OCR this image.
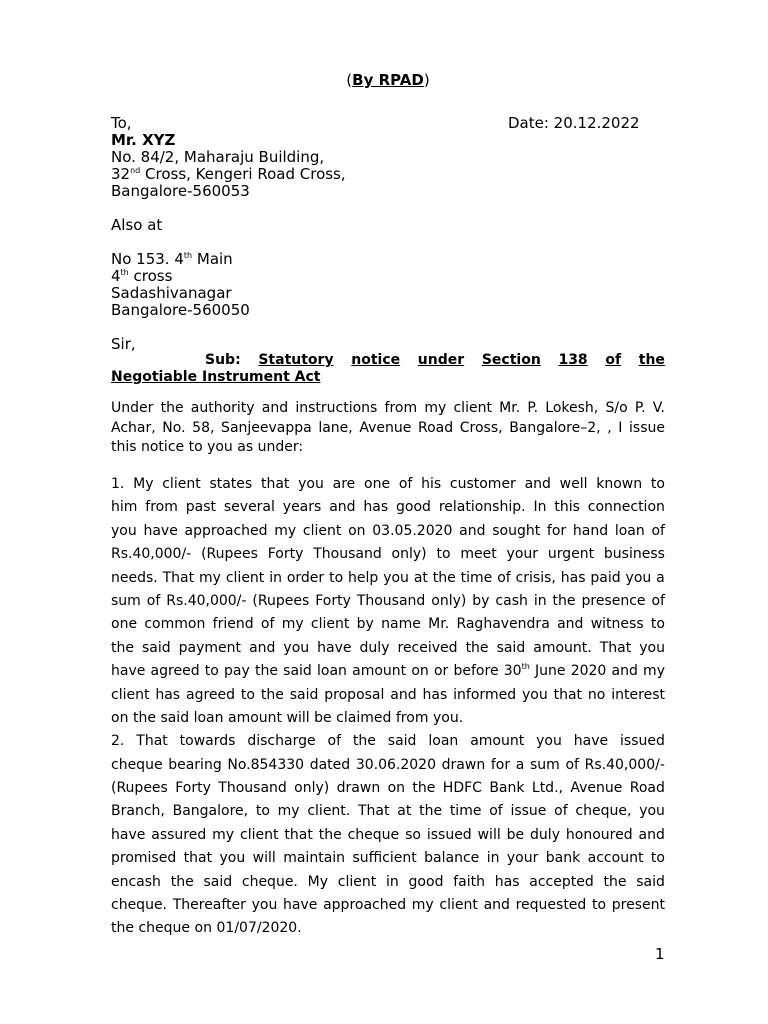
(By RPAD)
To,	Date: 20.12.2022
Mr. XYZ
No. 84/2, Maharaju Building,
32nd Cross, Kengeri Road Cross,
Bangalore-560053
Also at
No 153. 4th Main
4th cross
Sadashivanagar
Bangalore-560050
Sir,
Sub: Statutory notice under Section 138 of the
Negotiable Instrument Act
Under the authority and instructions from my client Mr. P. Lokesh, S/o P. V. Achar, No. 58, Sanjeevappa lane, Avenue Road Cross, Bangalore–2, , I issue this notice to you as under:
1. My client states that you are one of his customer and well known to
him from past several years and has good relationship. In this connection
you have approached my client on 03.05.2020 and sought for hand loan of
Rs.40,000/- (Rupees Forty Thousand only) to meet your urgent business
needs. That my client in order to help you at the time of crisis, has paid you a
sum of Rs.40,000/- (Rupees Forty Thousand only) by cash in the presence of
one common friend of my client by name Mr. Raghavendra and witness to
the said payment and you have duly received the said amount. That you
have agreed to pay the said loan amount on or before 30th June 2020 and my
client has agreed to the said proposal and has informed you that no interest
on the said loan amount will be claimed from you.
2. That towards discharge of the said loan amount you have issued
cheque bearing No.854330 dated 30.06.2020 drawn for a sum of Rs.40,000/-
(Rupees Forty Thousand only) drawn on the HDFC Bank Ltd., Avenue Road
Branch, Bangalore, to my client. That at the time of issue of cheque, you
have assured my client that the cheque so issued will be duly honoured and
promised that you will maintain sufficient balance in your bank account to
encash the said cheque. My client in good faith has accepted the said
cheque. Thereafter you have approached my client and requested to present
the cheque on 01/07/2020.
1
